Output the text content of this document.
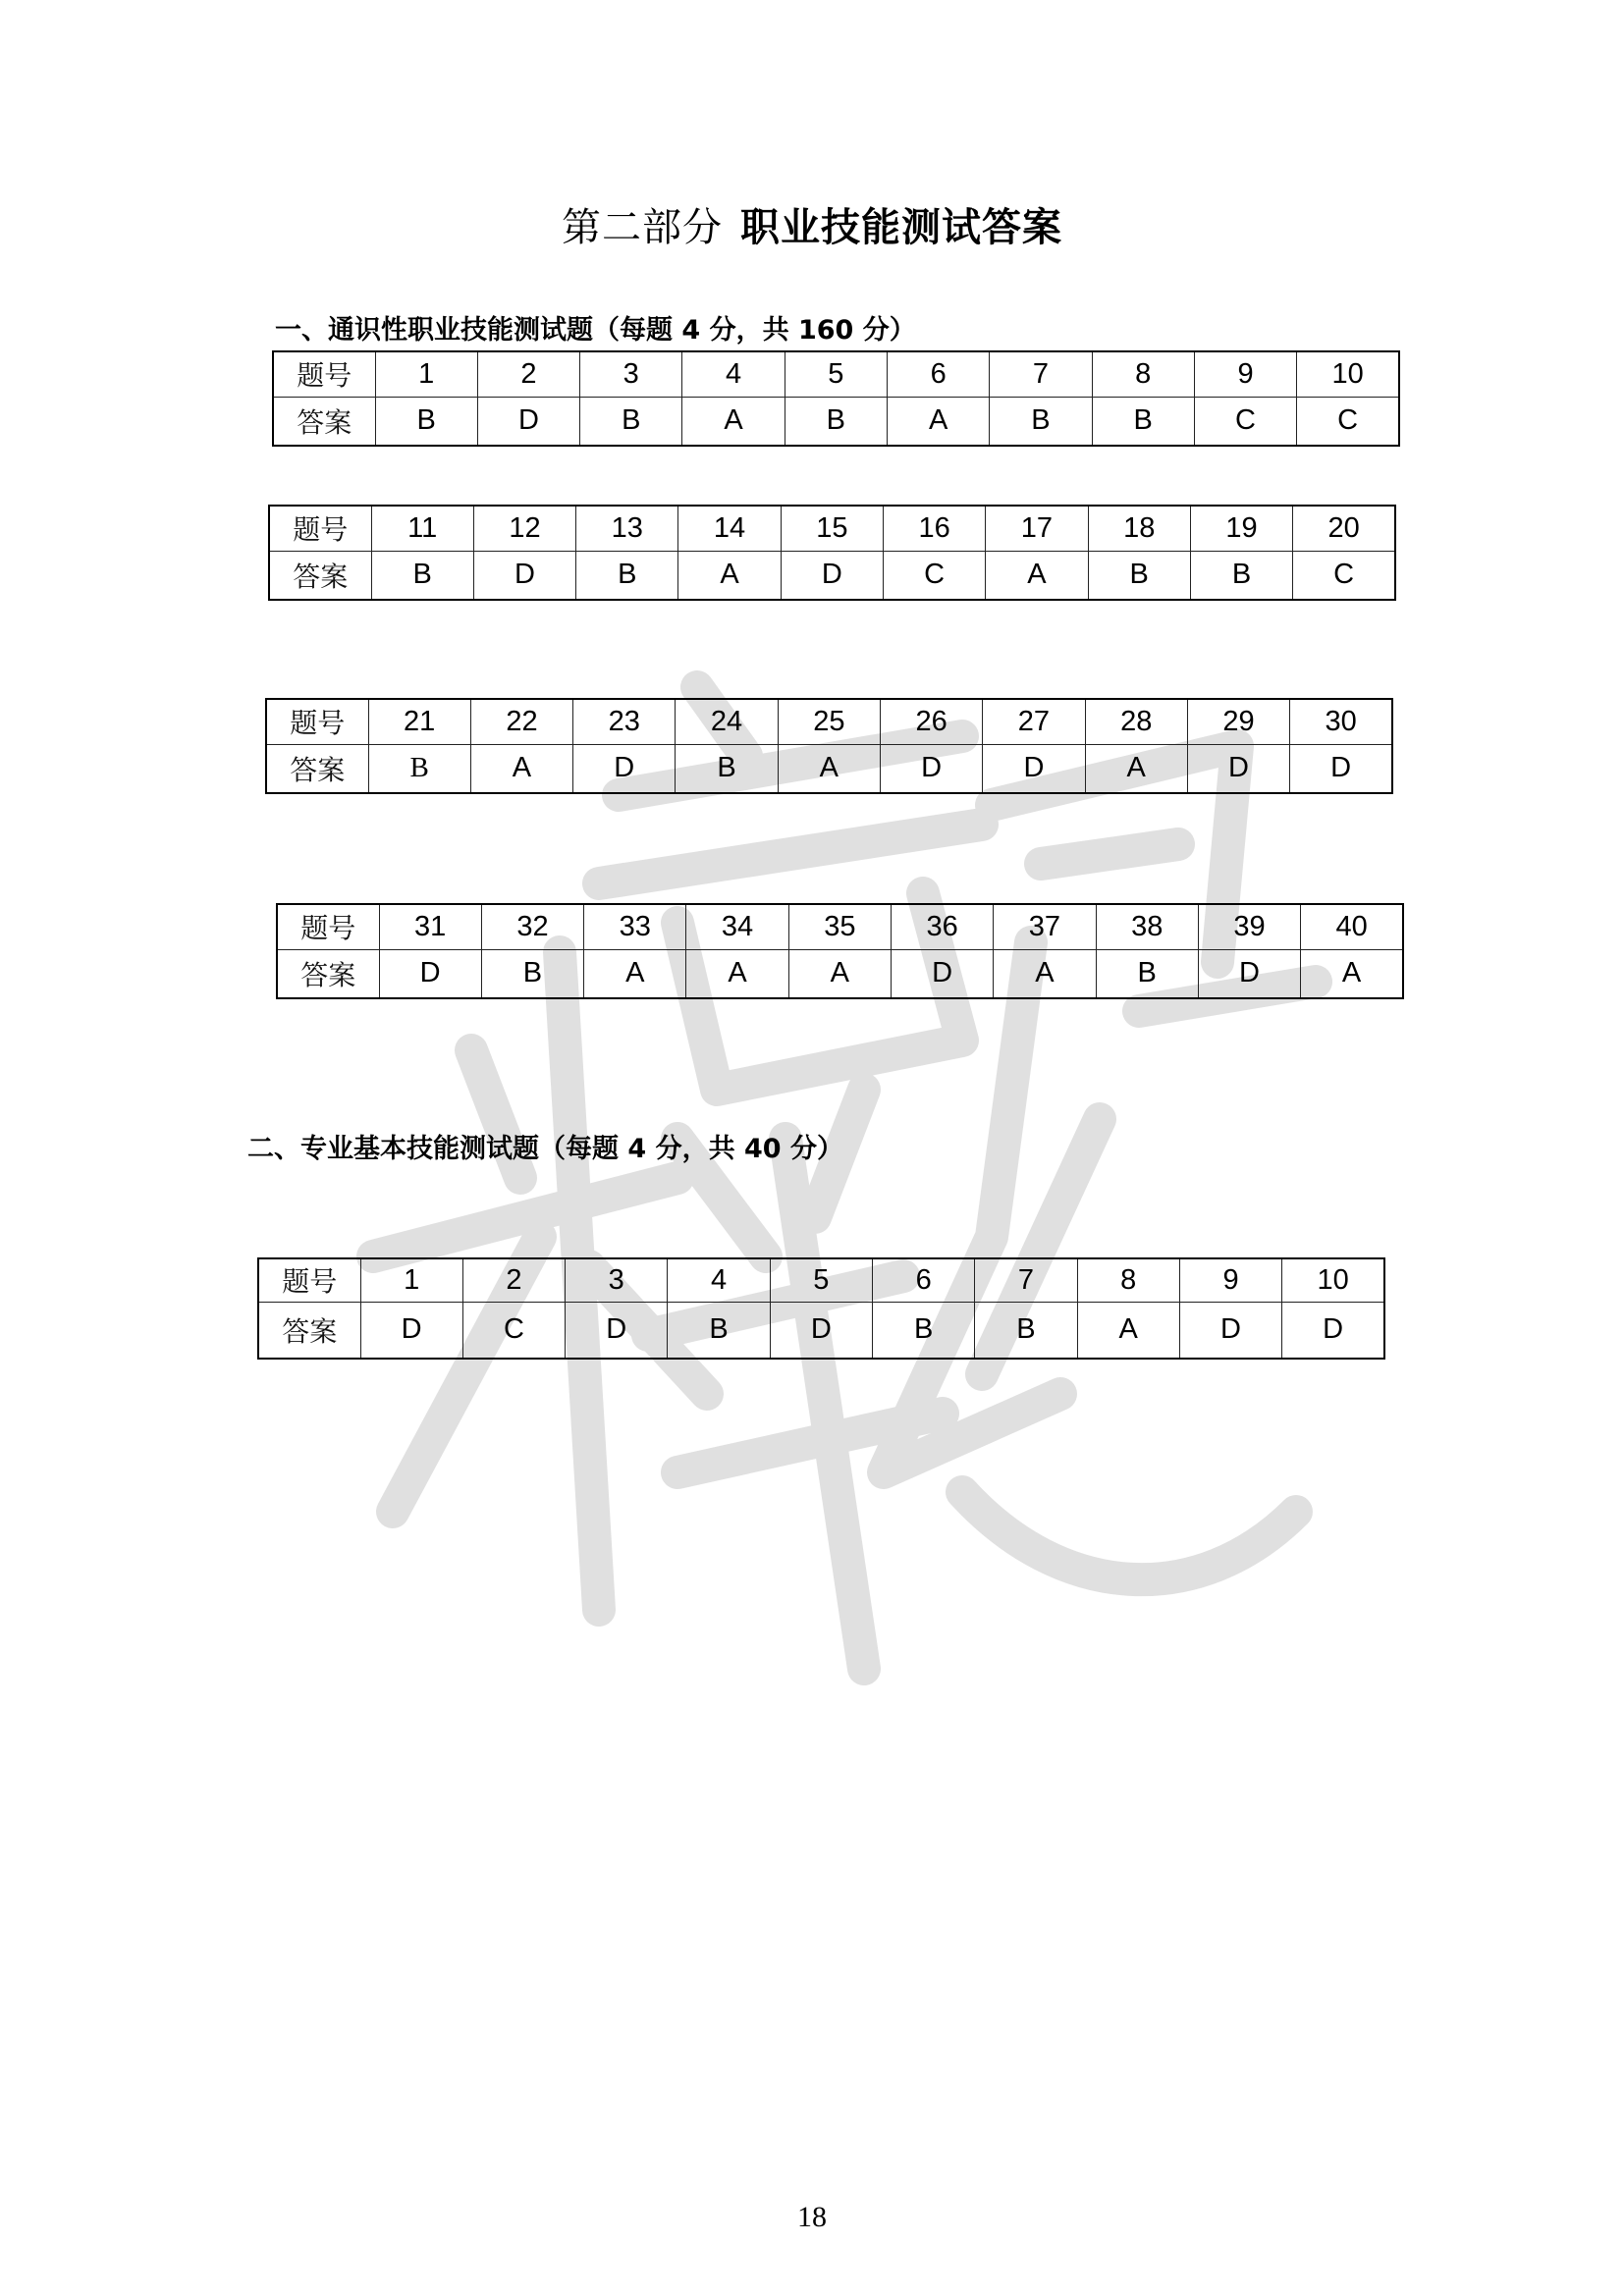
第二部分 职业技能测试答案
一、通识性职业技能测试题（每题 4 分，共 160 分）
题号	1	2	3	4	5	6	7	8	9	10
答案	B	D	B	A	B	A	B	B	C	C
题号	11	12	13	14	15	16	17	18	19	20
答案	B	D	B	A	D	C	A	B	B	C
题号	21	22	23	24	25	26	27	28	29	30
答案	B	A	D	B	A	D	D	A	D	D
题号	31	32	33	34	35	36	37	38	39	40
答案	D	B	A	A	A	D	A	B	D	A
二、专业基本技能测试题（每题 4 分，共 40 分）
题号	1	2	3	4	5	6	7	8	9	10
答案	D	C	D	B	D	B	B	A	D	D
18
